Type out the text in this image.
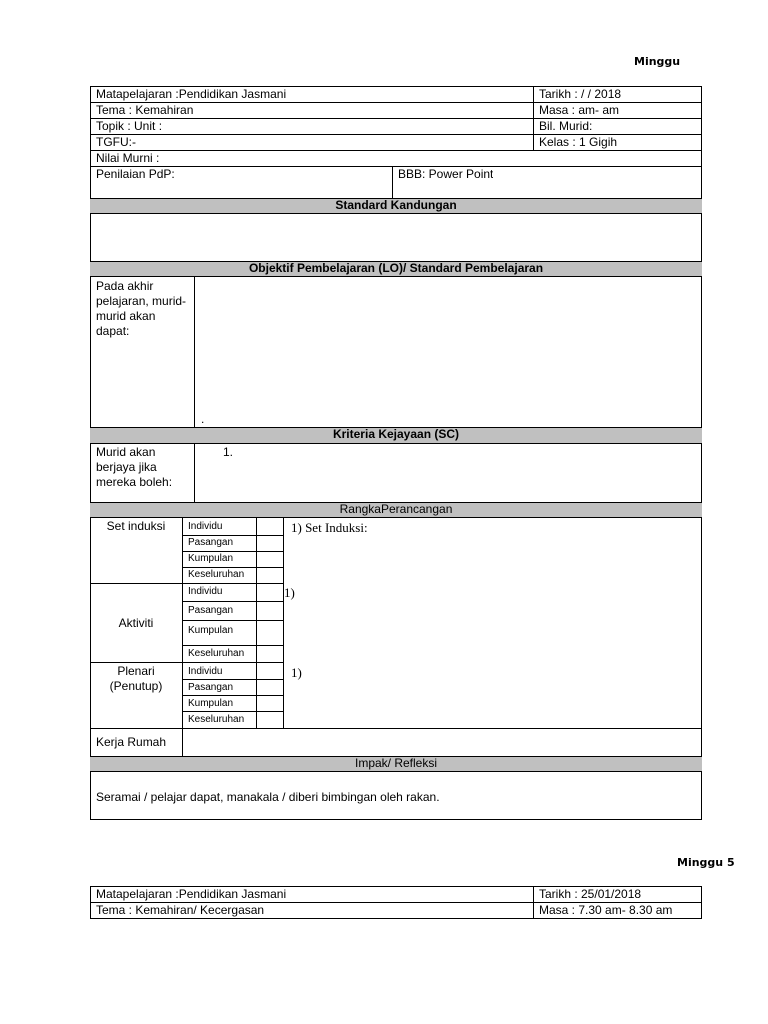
Minggu
Matapelajaran :Pendidikan Jasmani
Tema : Kemahiran
Topik : Unit :
TGFU:-
Nilai Murni :
Penilaian PdP:	BBB: Power Point
Tarikh : / / 2018
Masa : am- am
Bil. Murid:
Kelas : 1 Gigih
Standard Kandungan
Objektif Pembelajaran (LO)/ Standard Pembelajaran
Pada akhir pelajaran, murid-murid akan dapat:
.
Kriteria Kejayaan (SC)
Murid akan berjaya jika mereka boleh:
1.
RangkaPerancangan
Set induksi	Individu
Pasangan
Kumpulan
Keseluruhan
1) Set Induksi:
Individu
Pasangan
Kumpulan
Keseluruhan
Aktiviti
1)
Plenari (Penutup)
Individu
Pasangan
Kumpulan
Keseluruhan
1)
Kerja Rumah
Impak/ Refleksi
Seramai / pelajar dapat, manakala / diberi bimbingan oleh rakan.
Minggu 5
Matapelajaran :Pendidikan Jasmani
Tema : Kemahiran/ Kecergasan
Tarikh : 25/01/2018
Masa : 7.30 am- 8.30 am
